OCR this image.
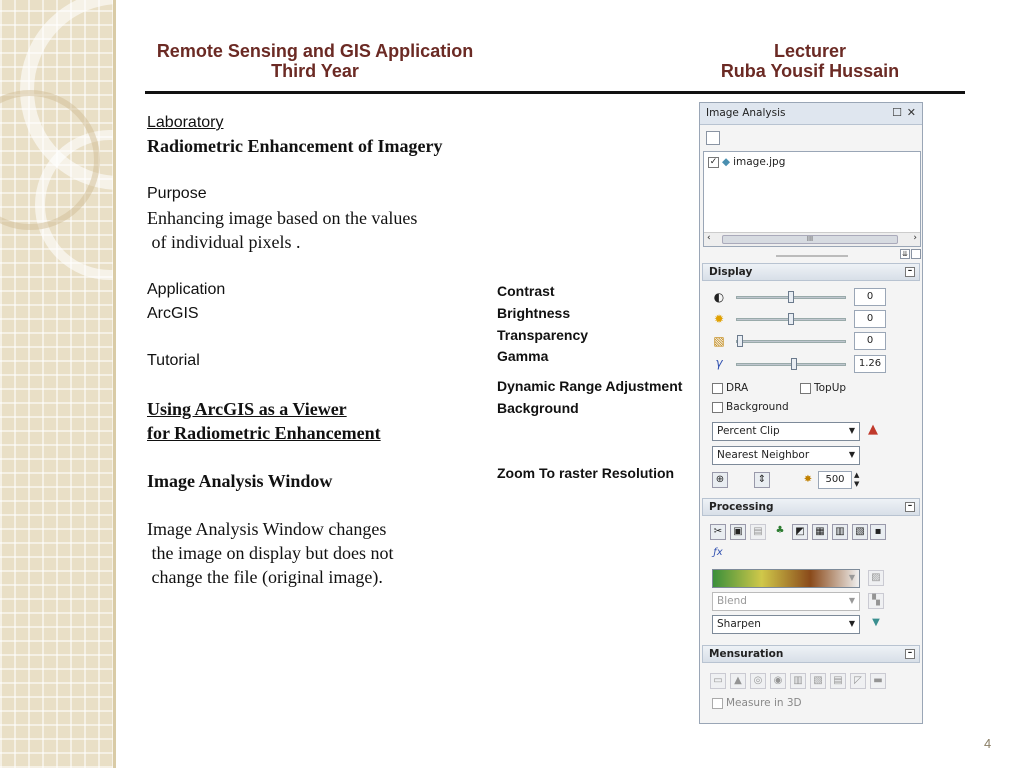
Remote Sensing and GIS Application
Third Year
Lecturer
Ruba Yousif Hussain
Laboratory
Radiometric Enhancement of Imagery
Purpose
Enhancing image based on the values
of individual pixels .
Application
ArcGIS
Tutorial
Using ArcGIS as a Viewer
for Radiometric Enhancement
Image Analysis Window
Image Analysis Window changes
the image on display but does not
change the file (original image).
Contrast
Brightness
Transparency
Gamma
Dynamic Range Adjustment
Background
Zoom To raster Resolution
Image Analysis	☐ ✕
✓ ◆ image.jpg
‹	III	›
⇊
Display	–
◐	0
✹	0
▧	0
γ	1.26
DRA	TopUp
Background
Percent Clip	▼ ▲
Nearest Neighbor	▼
⊕	⇕	✸	500	▲
▼
Processing	–
✂	▣	▤	♣	◩	▦	▥	▧ ▪
ƒx
▼	▨
Blend	▼	▚
Sharpen	▼	▼
Mensuration	–
▭	▲	◎	◉	▥	▧	▤	◸	▬
Measure in 3D
4
